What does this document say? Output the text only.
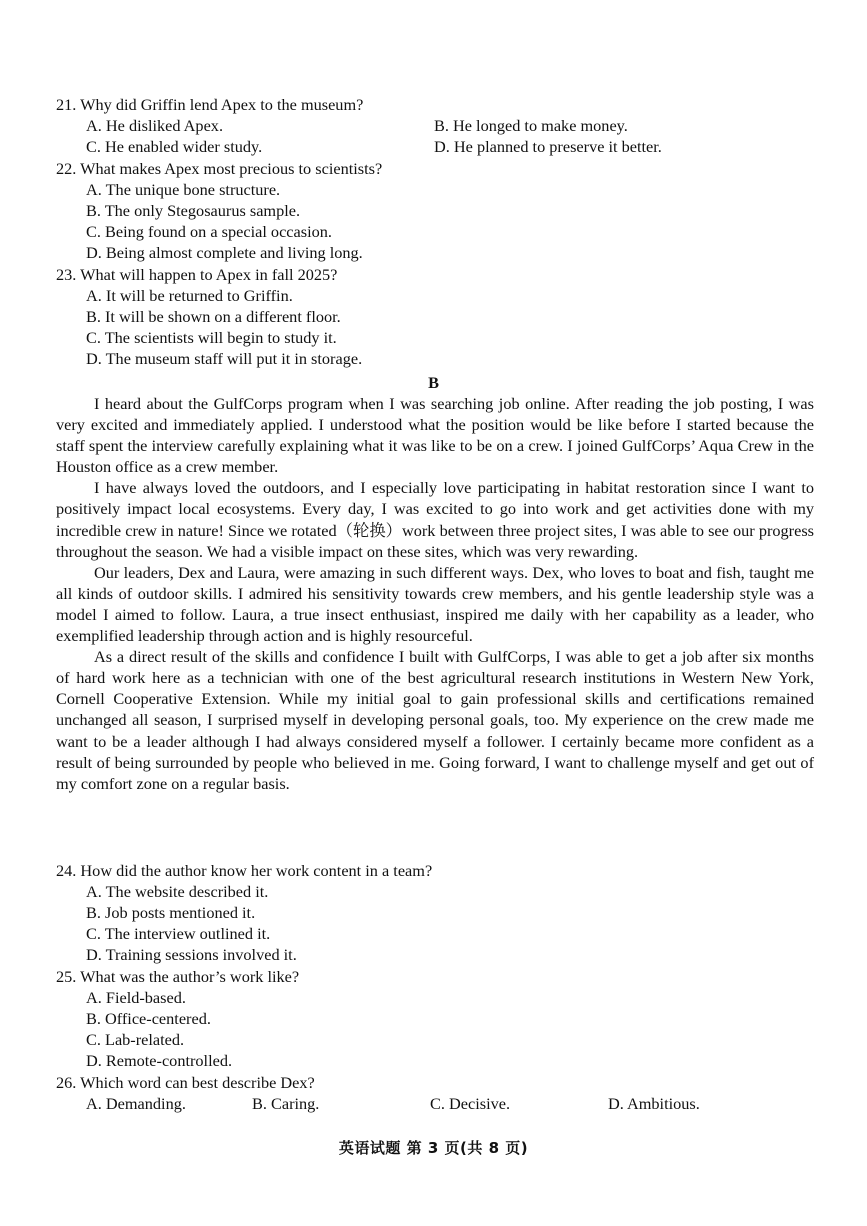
21. Why did Griffin lend Apex to the museum?
A. He disliked Apex.	B. He longed to make money.
C. He enabled wider study.	D. He planned to preserve it better.
22. What makes Apex most precious to scientists?
A. The unique bone structure.
B. The only Stegosaurus sample.
C. Being found on a special occasion.
D. Being almost complete and living long.
23. What will happen to Apex in fall 2025?
A. It will be returned to Griffin.
B. It will be shown on a different floor.
C. The scientists will begin to study it.
D. The museum staff will put it in storage.
B

I heard about the GulfCorps program when I was searching job online. After reading the job posting, I was very excited and immediately applied. I understood what the position would be like before I started because the staff spent the interview carefully explaining what it was like to be on a crew. I joined GulfCorps’ Aqua Crew in the Houston office as a crew member.

I have always loved the outdoors, and I especially love participating in habitat restoration since I want to positively impact local ecosystems. Every day, I was excited to go into work and get activities done with my incredible crew in nature! Since we rotated（轮换）work between three project sites, I was able to see our progress throughout the season. We had a visible impact on these sites, which was very rewarding.

Our leaders, Dex and Laura, were amazing in such different ways. Dex, who loves to boat and fish, taught me all kinds of outdoor skills. I admired his sensitivity towards crew members, and his gentle leadership style was a model I aimed to follow. Laura, a true insect enthusiast, inspired me daily with her capability as a leader, who exemplified leadership through action and is highly resourceful.

As a direct result of the skills and confidence I built with GulfCorps, I was able to get a job after six months of hard work here as a technician with one of the best agricultural research institutions in Western New York, Cornell Cooperative Extension. While my initial goal to gain professional skills and certifications remained unchanged all season, I surprised myself in developing personal goals, too. My experience on the crew made me want to be a leader although I had always considered myself a follower. I certainly became more confident as a result of being surrounded by people who believed in me. Going forward, I want to challenge myself and get out of my comfort zone on a regular basis.

24. How did the author know her work content in a team?
A. The website described it.
B. Job posts mentioned it.
C. The interview outlined it.
D. Training sessions involved it.
25. What was the author’s work like?
A. Field-based.
B. Office-centered.
C. Lab-related.
D. Remote-controlled.
26. Which word can best describe Dex?
A. Demanding.	B. Caring.	C. Decisive.	D. Ambitious.
英语试题 第 3 页(共 8 页)
